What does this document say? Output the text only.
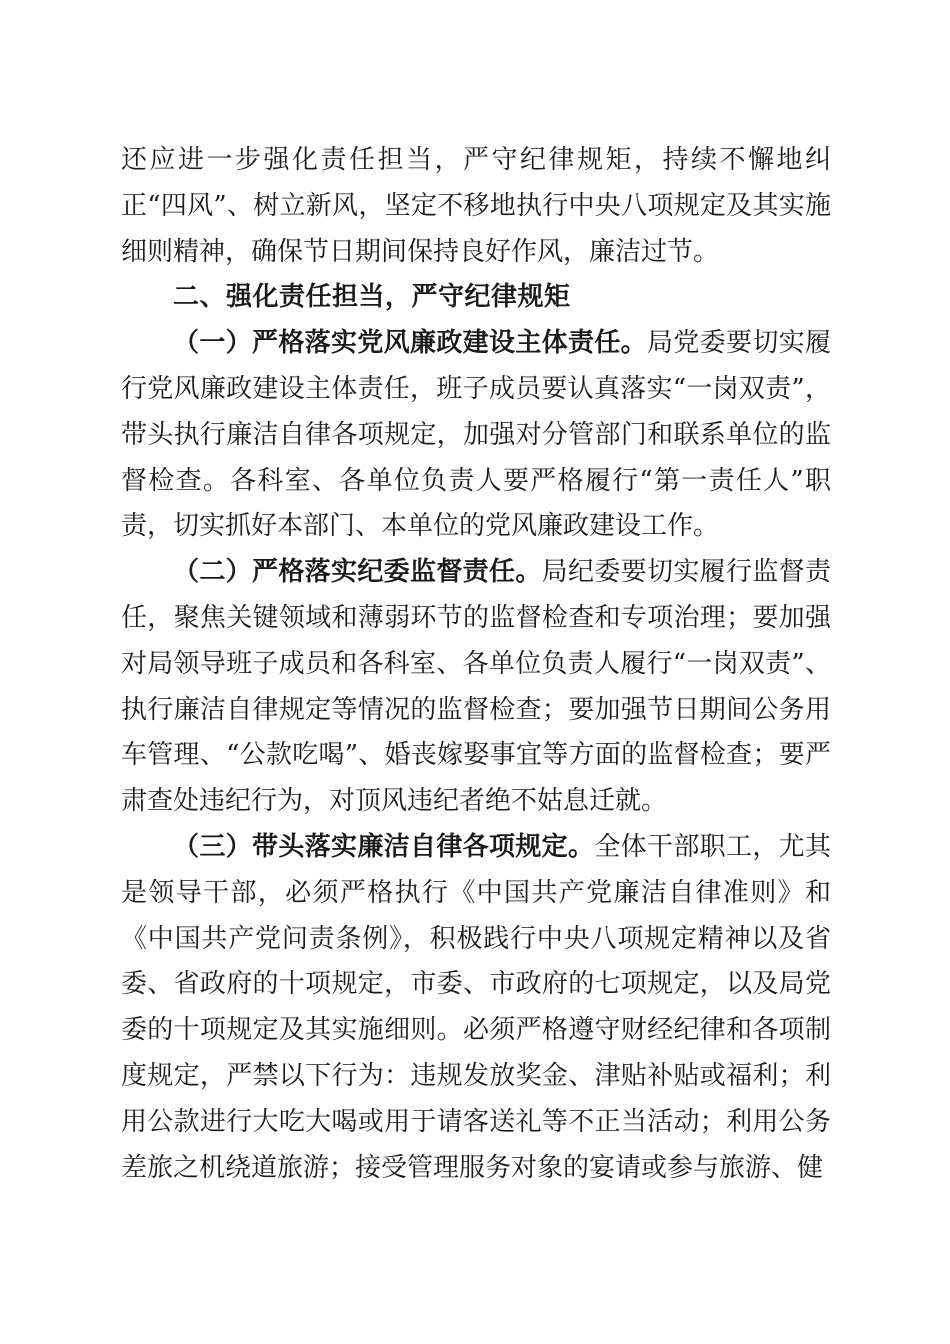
还应进一步强化责任担当，严守纪律规矩，持续不懈地纠正“四风”、树立新风，坚定不移地执行中央八项规定及其实施细则精神，确保节日期间保持良好作风，廉洁过节。

二、强化责任担当，严守纪律规矩

（一）严格落实党风廉政建设主体责任。局党委要切实履行党风廉政建设主体责任，班子成员要认真落实“一岗双责”，带头执行廉洁自律各项规定，加强对分管部门和联系单位的监督检查。各科室、各单位负责人要严格履行“第一责任人”职责，切实抓好本部门、本单位的党风廉政建设工作。

（二）严格落实纪委监督责任。局纪委要切实履行监督责任，聚焦关键领域和薄弱环节的监督检查和专项治理；要加强对局领导班子成员和各科室、各单位负责人履行“一岗双责”、执行廉洁自律规定等情况的监督检查；要加强节日期间公务用车管理、“公款吃喝”、婚丧嫁娶事宜等方面的监督检查；要严肃查处违纪行为，对顶风违纪者绝不姑息迁就。

（三）带头落实廉洁自律各项规定。全体干部职工，尤其是领导干部，必须严格执行《中国共产党廉洁自律准则》和《中国共产党问责条例》，积极践行中央八项规定精神以及省委、省政府的十项规定，市委、市政府的七项规定，以及局党委的十项规定及其实施细则。必须严格遵守财经纪律和各项制度规定，严禁以下行为：违规发放奖金、津贴补贴或福利；利用公款进行大吃大喝或用于请客送礼等不正当活动；利用公务差旅之机绕道旅游；接受管理服务对象的宴请或参与旅游、健
